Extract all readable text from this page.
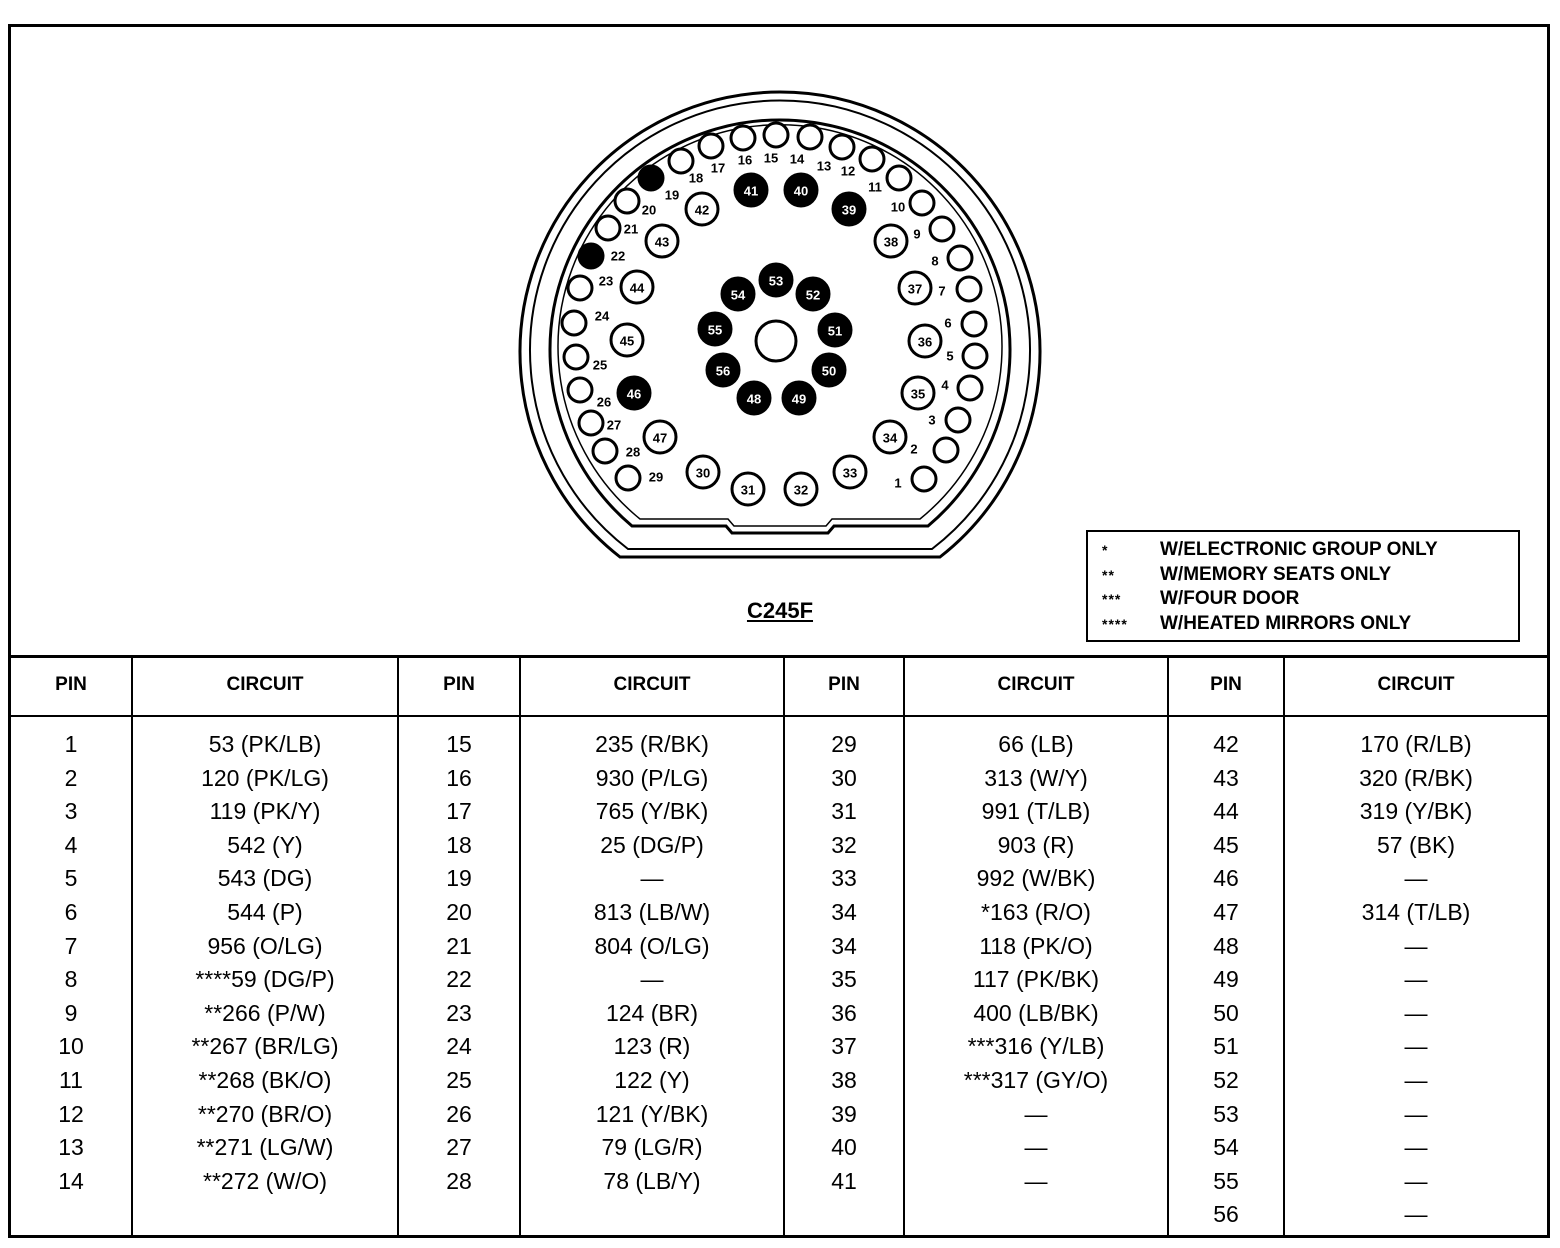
1
2
3
4
5
6
7
8
9
10
11
12
13
14
15
16
17
18
19
20
21
22
23
24
25
26
27
28
29	30
31	32
33
34
35
36
37
38
39
40
41
42
43
44
45
46
47
48 49
50
51
52
53
54
55
56
C245F
*	W/ELECTRONIC GROUP ONLY
**	W/MEMORY SEATS ONLY
***	W/FOUR DOOR
****	W/HEATED MIRRORS ONLY
PIN	CIRCUIT
1	53 (PK/LB)
2	120 (PK/LG)
3	119 (PK/Y)
4	542 (Y)
5	543 (DG)
6	544 (P)
7	956 (O/LG)
8	****59 (DG/P)
9	**266 (P/W)
10	**267 (BR/LG)
11	**268 (BK/O)
12	**270 (BR/O)
13	**271 (LG/W)
14	**272 (W/O)
PIN	CIRCUIT
15	235 (R/BK)
16	930 (P/LG)
17	765 (Y/BK)
18	25 (DG/P)
19	—
20	813 (LB/W)
21	804 (O/LG)
22	—
23	124 (BR)
24	123 (R)
25	122 (Y)
26	121 (Y/BK)
27	79 (LG/R)
28	78 (LB/Y)
PIN	CIRCUIT
29	66 (LB)
30	313 (W/Y)
31	991 (T/LB)
32	903 (R)
33	992 (W/BK)
34	*163 (R/O)
34	118 (PK/O)
35	117 (PK/BK)
36	400 (LB/BK)
37	***316 (Y/LB)
38	***317 (GY/O)
39	—
40	—
41	—
PIN	CIRCUIT
42	170 (R/LB)
43	320 (R/BK)
44	319 (Y/BK)
45	57 (BK)
46	—
47	314 (T/LB)
48	—
49	—
50	—
51	—
52	—
53	—
54	—
55	—
56	—
